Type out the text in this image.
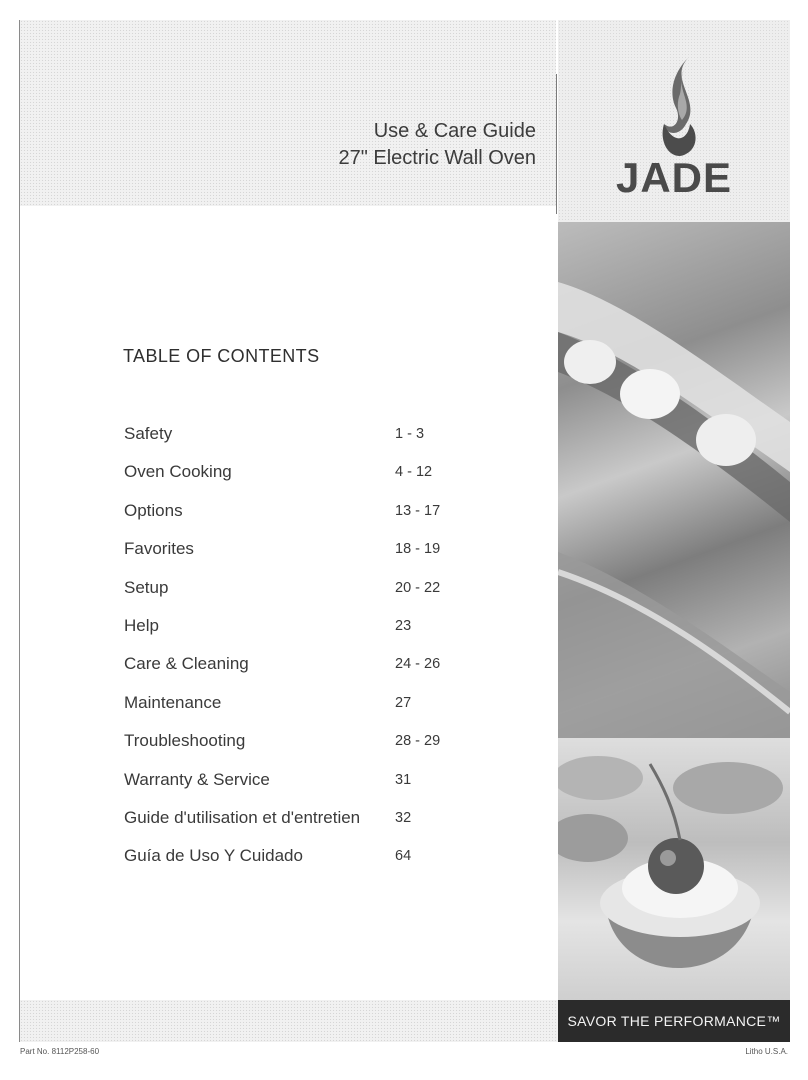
Use & Care Guide
27" Electric Wall Oven	JADE
TABLE OF CONTENTS
Safety	1 - 3
Oven Cooking	4 - 12
Options	13 - 17
Favorites	18 - 19
Setup	20 - 22
Help	23
Care & Cleaning	24 - 26
Maintenance	27
Troubleshooting	28 - 29
Warranty & Service	31
Guide d'utilisation et d'entretien 32
Guía de Uso Y Cuidado	64
SAVOR THE PERFORMANCE™
Part No. 8112P258-60	Litho U.S.A.
